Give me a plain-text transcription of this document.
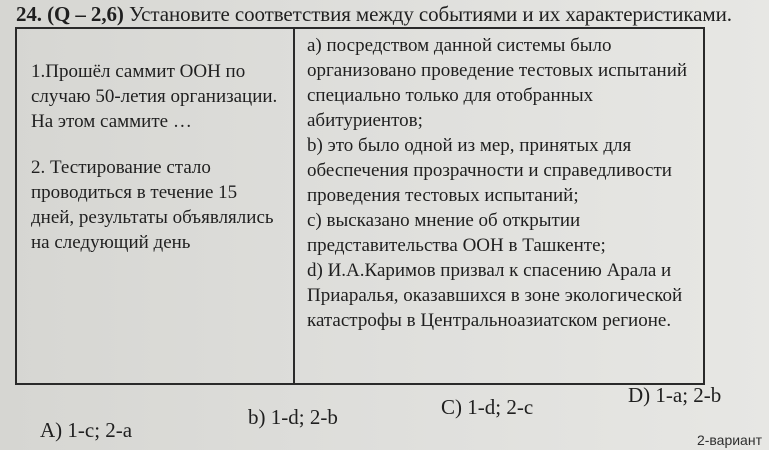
24. (Q – 2,6) Установите соответствия между событиями и их характеристиками.

1.Прошёл саммит ООН по случаю 50-летия организации. На этом саммите …

2. Тестирование стало проводиться в течение 15 дней, результаты объявлялись на следующий день

а) посредством данной системы было организовано проведение тестовых испытаний специально только для отобранных абитуриентов;

b) это было одной из мер, принятых для обеспечения прозрачности и справедливости проведения тестовых испытаний;

c) высказано мнение об открытии представительства ООН в Ташкенте;

d) И.А.Каримов призвал к спасению Арала и Приаралья, оказавшихся в зоне экологической катастрофы в Центральноазиатском регионе.

A) 1-c; 2-a
b) 1-d; 2-b	C) 1-d; 2-c	D) 1-a; 2-b
2-вариант
